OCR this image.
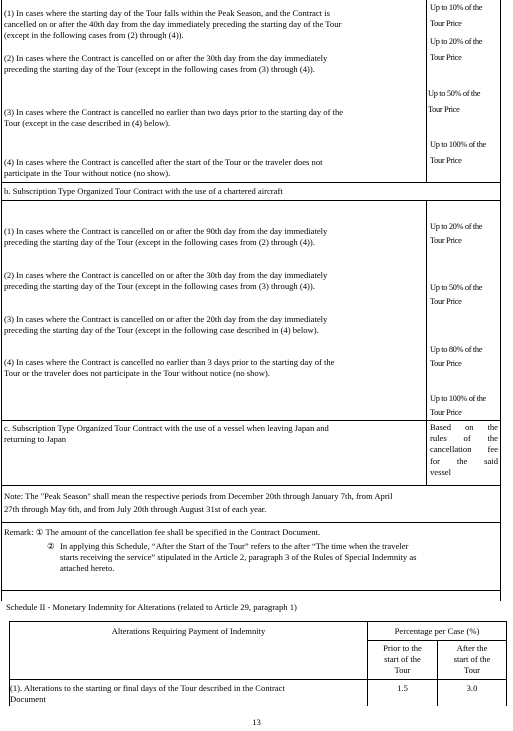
(1) In cases where the starting day of the Tour falls within the Peak Season, and the Contract is
cancelled on or after the 40th day from the day immediately preceding the starting day of the Tour
(except in the following cases from (2) through (4)).
Up to 10% of the
Tour Price
(2) In cases where the Contract is cancelled on or after the 30th day from the day immediately
preceding the starting day of the Tour (except in the following cases from (3) through (4)).
Up to 20% of the
Tour Price
(3) In cases where the Contract is cancelled no earlier than two days prior to the starting day of the
Tour (except in the case described in (4) below).
Up to 50% of the
Tour Price
(4) In cases where the Contract is cancelled after the start of the Tour or the traveler does not
participate in the Tour without notice (no show).
Up to 100% of the
Tour Price
b. Subscription Type Organized Tour Contract with the use of a chartered aircraft
(1) In cases where the Contract is cancelled on or after the 90th day from the day immediately
preceding the starting day of the Tour (except in the following cases from (2) through (4)).
Up to 20% of the
Tour Price
(2) In cases where the Contract is cancelled on or after the 30th day from the day immediately
preceding the starting day of the Tour (except in the following cases from (3) through (4)).	Up to 50% of the
Tour Price
(3) In cases where the Contract is cancelled on or after the 20th day from the day immediately
preceding the starting day of the Tour (except in the following case described in (4) below).
Up to 80% of the
Tour Price
(4) In cases where the Contract is cancelled no earlier than 3 days prior to the starting day of the
Tour or the traveler does not participate in the Tour without notice (no show).
Up to 100% of the
Tour Price
c. Subscription Type Organized Tour Contract with the use of a vessel when leaving Japan and
returning to Japan
Based on the
rules of the
cancellation fee
for the said
vessel
Note: The "Peak Season" shall mean the respective periods from December 20th through January 7th, from April
27th through May 6th, and from July 20th through August 31st of each year.
Remark: ① The amount of the cancellation fee shall be specified in the Contract Document.
② In applying this Schedule, “After the Start of the Tour” refers to the after “The time when the traveler
starts receiving the service” stipulated in the Article 2, paragraph 3 of the Rules of Special Indemnity as
attached hereto.
Schedule II - Monetary Indemnity for Alterations (related to Article 29, paragraph 1)
Alterations Requiring Payment of Indemnity	Percentage per Case (%)
Prior to the
start of the
Tour
After the
start of the
Tour
(1). Alterations to the starting or final days of the Tour described in the Contract
Document
1.5	3.0
13
